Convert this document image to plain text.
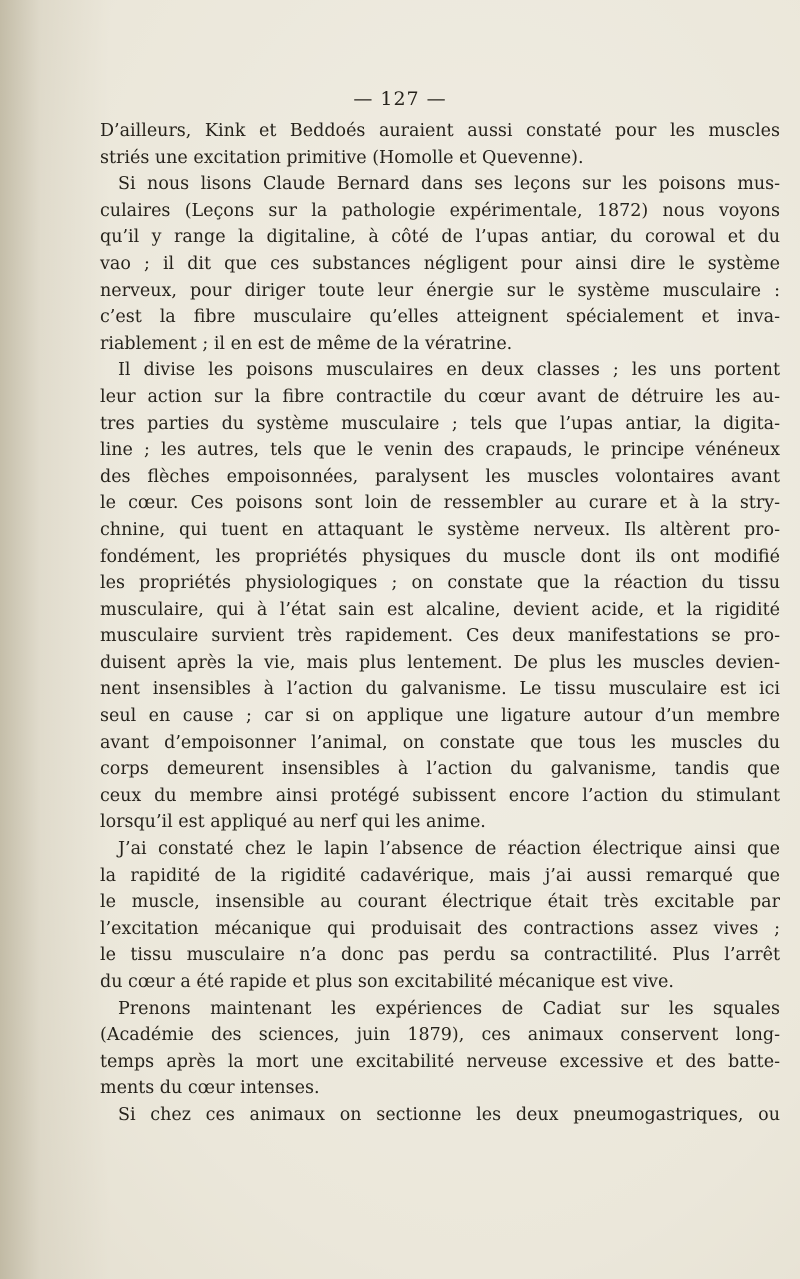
— 127 —
D’ailleurs, Kink et Beddoés auraient aussi constaté pour les muscles
striés une excitation primitive (Homolle et Quevenne).
Si nous lisons Claude Bernard dans ses leçons sur les poisons mus-
culaires (Leçons sur la pathologie expérimentale, 1872) nous voyons
qu’il y range la digitaline, à côté de l’upas antiar, du corowal et du
vao ; il dit que ces substances négligent pour ainsi dire le système
nerveux, pour diriger toute leur énergie sur le système musculaire :
c’est la fibre musculaire qu’elles atteignent spécialement et inva-
riablement ; il en est de même de la vératrine.
Il divise les poisons musculaires en deux classes ; les uns portent
leur action sur la fibre contractile du cœur avant de détruire les au-
tres parties du système musculaire ; tels que l’upas antiar, la digita-
line ; les autres, tels que le venin des crapauds, le principe vénéneux
des flèches empoisonnées, paralysent les muscles volontaires avant
le cœur. Ces poisons sont loin de ressembler au curare et à la stry-
chnine, qui tuent en attaquant le système nerveux. Ils altèrent pro-
fondément, les propriétés physiques du muscle dont ils ont modifié
les propriétés physiologiques ; on constate que la réaction du tissu
musculaire, qui à l’état sain est alcaline, devient acide, et la rigidité
musculaire survient très rapidement. Ces deux manifestations se pro-
duisent après la vie, mais plus lentement. De plus les muscles devien-
nent insensibles à l’action du galvanisme. Le tissu musculaire est ici
seul en cause ; car si on applique une ligature autour d’un membre
avant d’empoisonner l’animal, on constate que tous les muscles du
corps demeurent insensibles à l’action du galvanisme, tandis que
ceux du membre ainsi protégé subissent encore l’action du stimulant
lorsqu’il est appliqué au nerf qui les anime.
J’ai constaté chez le lapin l’absence de réaction électrique ainsi que
la rapidité de la rigidité cadavérique, mais j’ai aussi remarqué que
le muscle, insensible au courant électrique était très excitable par
l’excitation mécanique qui produisait des contractions assez vives ;
le tissu musculaire n’a donc pas perdu sa contractilité. Plus l’arrêt
du cœur a été rapide et plus son excitabilité mécanique est vive.
Prenons maintenant les expériences de Cadiat sur les squales
(Académie des sciences, juin 1879), ces animaux conservent long-
temps après la mort une excitabilité nerveuse excessive et des batte-
ments du cœur intenses.
Si chez ces animaux on sectionne les deux pneumogastriques, ou
